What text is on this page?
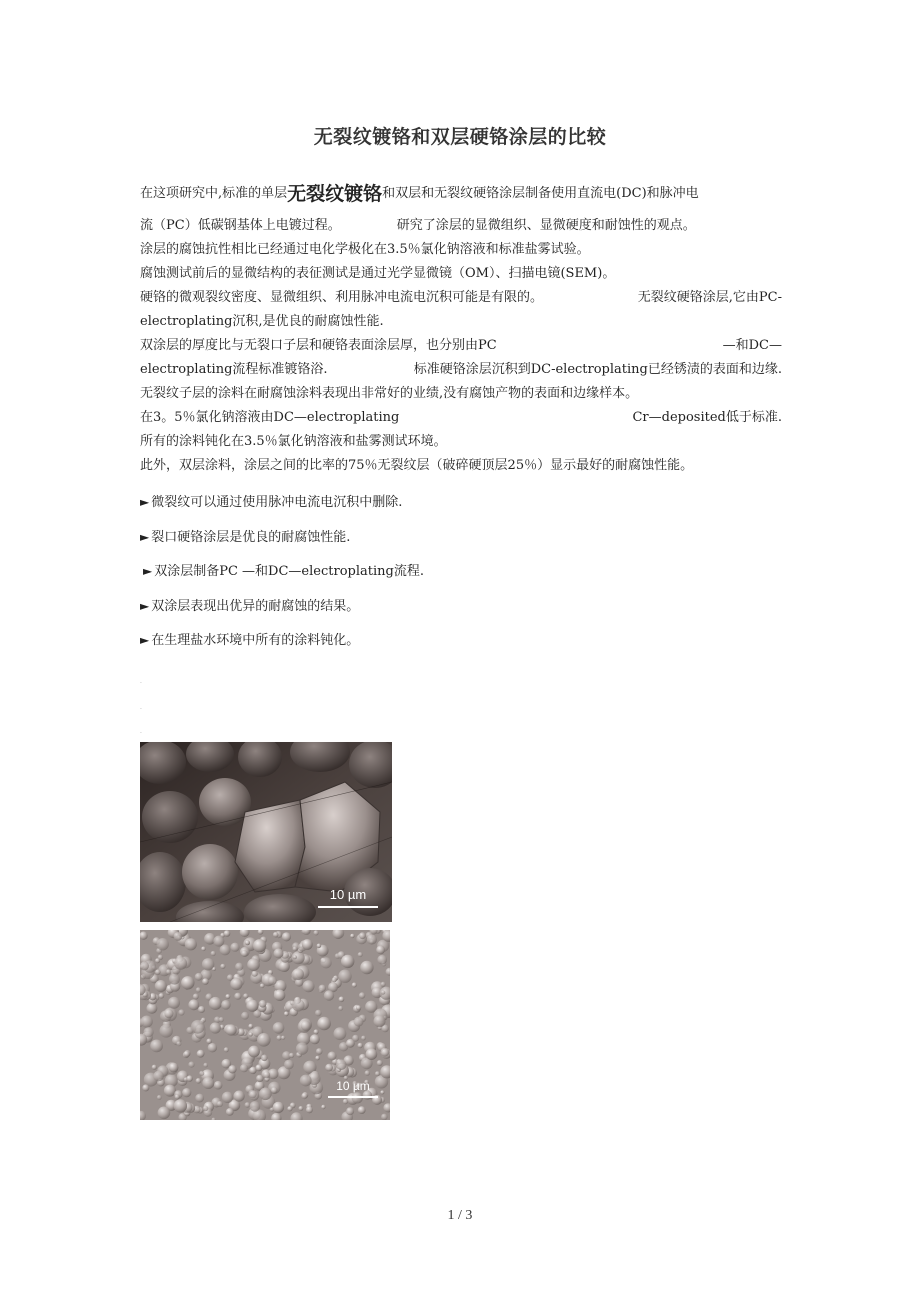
无裂纹镀铬和双层硬铬涂层的比较
在这项研究中,标准的单层 无裂纹镀铬 和双层和无裂纹硬铬涂层制备使用直流电(DC)和脉冲电
流（PC）低碳钢基体上电镀过程。	研究了涂层的显微组织、显微硬度和耐蚀性的观点。
涂层的腐蚀抗性相比已经通过电化学极化在3.5％氯化钠溶液和标准盐雾试验。
腐蚀测试前后的显微结构的表征测试是通过光学显微镜（OM）、扫描电镜(SEM)。
硬铬的微观裂纹密度、显微组织、利用脉冲电流电沉积可能是有限的。	无裂纹硬铬涂层,它由PC-
electroplating沉积,是优良的耐腐蚀性能.
双涂层的厚度比与无裂口子层和硬铬表面涂层厚，也分别由PC	—和DC—
electroplating流程标准镀铬浴.	标准硬铬涂层沉积到DC-electroplating已经锈渍的表面和边缘.
无裂纹子层的涂料在耐腐蚀涂料表现出非常好的业绩,没有腐蚀产物的表面和边缘样本。
在3。5％氯化钠溶液由DC—electroplating	Cr—deposited低于标准.
所有的涂料钝化在3.5％氯化钠溶液和盐雾测试环境。
此外，双层涂料，涂层之间的比率的75％无裂纹层（破碎硬顶层25％）显示最好的耐腐蚀性能。
► 微裂纹可以通过使用脉冲电流电沉积中删除.
► 裂口硬铬涂层是优良的耐腐蚀性能.
► 双涂层制备PC —和DC—electroplating流程.
► 双涂层表现出优异的耐腐蚀的结果。
► 在生理盐水环境中所有的涂料钝化。
.
.
.
10 µm
10 µm
1 / 3
